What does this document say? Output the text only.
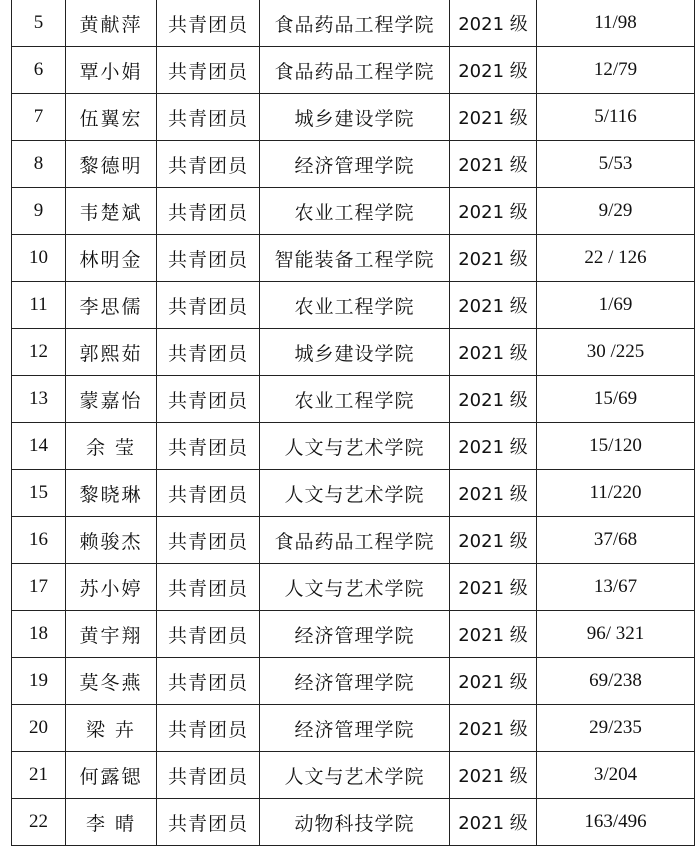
5	黄献萍	共青团员	食品药品工程学院	2021 级	11/98
6	覃小娟	共青团员	食品药品工程学院	2021 级	12/79
7	伍翼宏	共青团员	城乡建设学院	2021 级	5/116
8	黎德明	共青团员	经济管理学院	2021 级	5/53
9	韦楚斌	共青团员	农业工程学院	2021 级	9/29
10	林明金	共青团员	智能装备工程学院	2021 级	22 / 126
11	李思儒	共青团员	农业工程学院	2021 级	1/69
12	郭熙茹	共青团员	城乡建设学院	2021 级	30 /225
13	蒙嘉怡	共青团员	农业工程学院	2021 级	15/69
14	余 莹	共青团员	人文与艺术学院	2021 级	15/120
15	黎晓琳	共青团员	人文与艺术学院	2021 级	11/220
16	赖骏杰	共青团员	食品药品工程学院	2021 级	37/68
17	苏小婷	共青团员	人文与艺术学院	2021 级	13/67
18	黄宇翔	共青团员	经济管理学院	2021 级	96/ 321
19	莫冬燕	共青团员	经济管理学院	2021 级	69/238
20	梁 卉	共青团员	经济管理学院	2021 级	29/235
21	何露锶	共青团员	人文与艺术学院	2021 级	3/204
22	李 晴	共青团员	动物科技学院	2021 级	163/496
